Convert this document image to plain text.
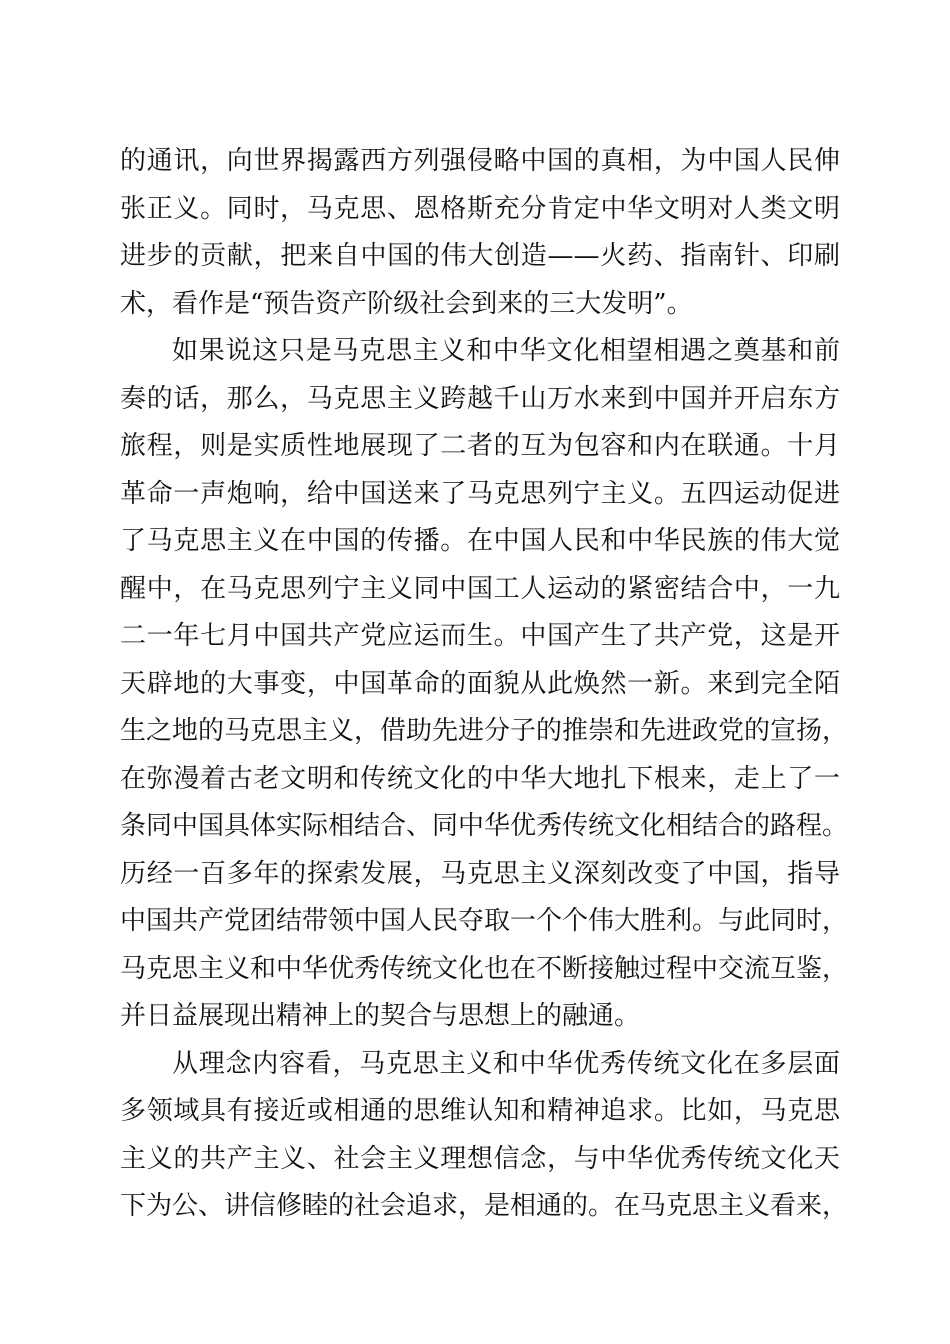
的通讯，向世界揭露西方列强侵略中国的真相，为中国人民伸
张正义。同时，马克思、恩格斯充分肯定中华文明对人类文明
进步的贡献，把来自中国的伟大创造——火药、指南针、印刷
术，看作是“预告资产阶级社会到来的三大发明”。
如果说这只是马克思主义和中华文化相望相遇之奠基和前
奏的话，那么，马克思主义跨越千山万水来到中国并开启东方
旅程，则是实质性地展现了二者的互为包容和内在联通。十月
革命一声炮响，给中国送来了马克思列宁主义。五四运动促进
了马克思主义在中国的传播。在中国人民和中华民族的伟大觉
醒中，在马克思列宁主义同中国工人运动的紧密结合中，一九
二一年七月中国共产党应运而生。中国产生了共产党，这是开
天辟地的大事变，中国革命的面貌从此焕然一新。来到完全陌
生之地的马克思主义，借助先进分子的推崇和先进政党的宣扬，
在弥漫着古老文明和传统文化的中华大地扎下根来，走上了一
条同中国具体实际相结合、同中华优秀传统文化相结合的路程。
历经一百多年的探索发展，马克思主义深刻改变了中国，指导
中国共产党团结带领中国人民夺取一个个伟大胜利。与此同时，
马克思主义和中华优秀传统文化也在不断接触过程中交流互鉴，
并日益展现出精神上的契合与思想上的融通。
从理念内容看，马克思主义和中华优秀传统文化在多层面
多领域具有接近或相通的思维认知和精神追求。比如，马克思
主义的共产主义、社会主义理想信念，与中华优秀传统文化天
下为公、讲信修睦的社会追求，是相通的。在马克思主义看来，
